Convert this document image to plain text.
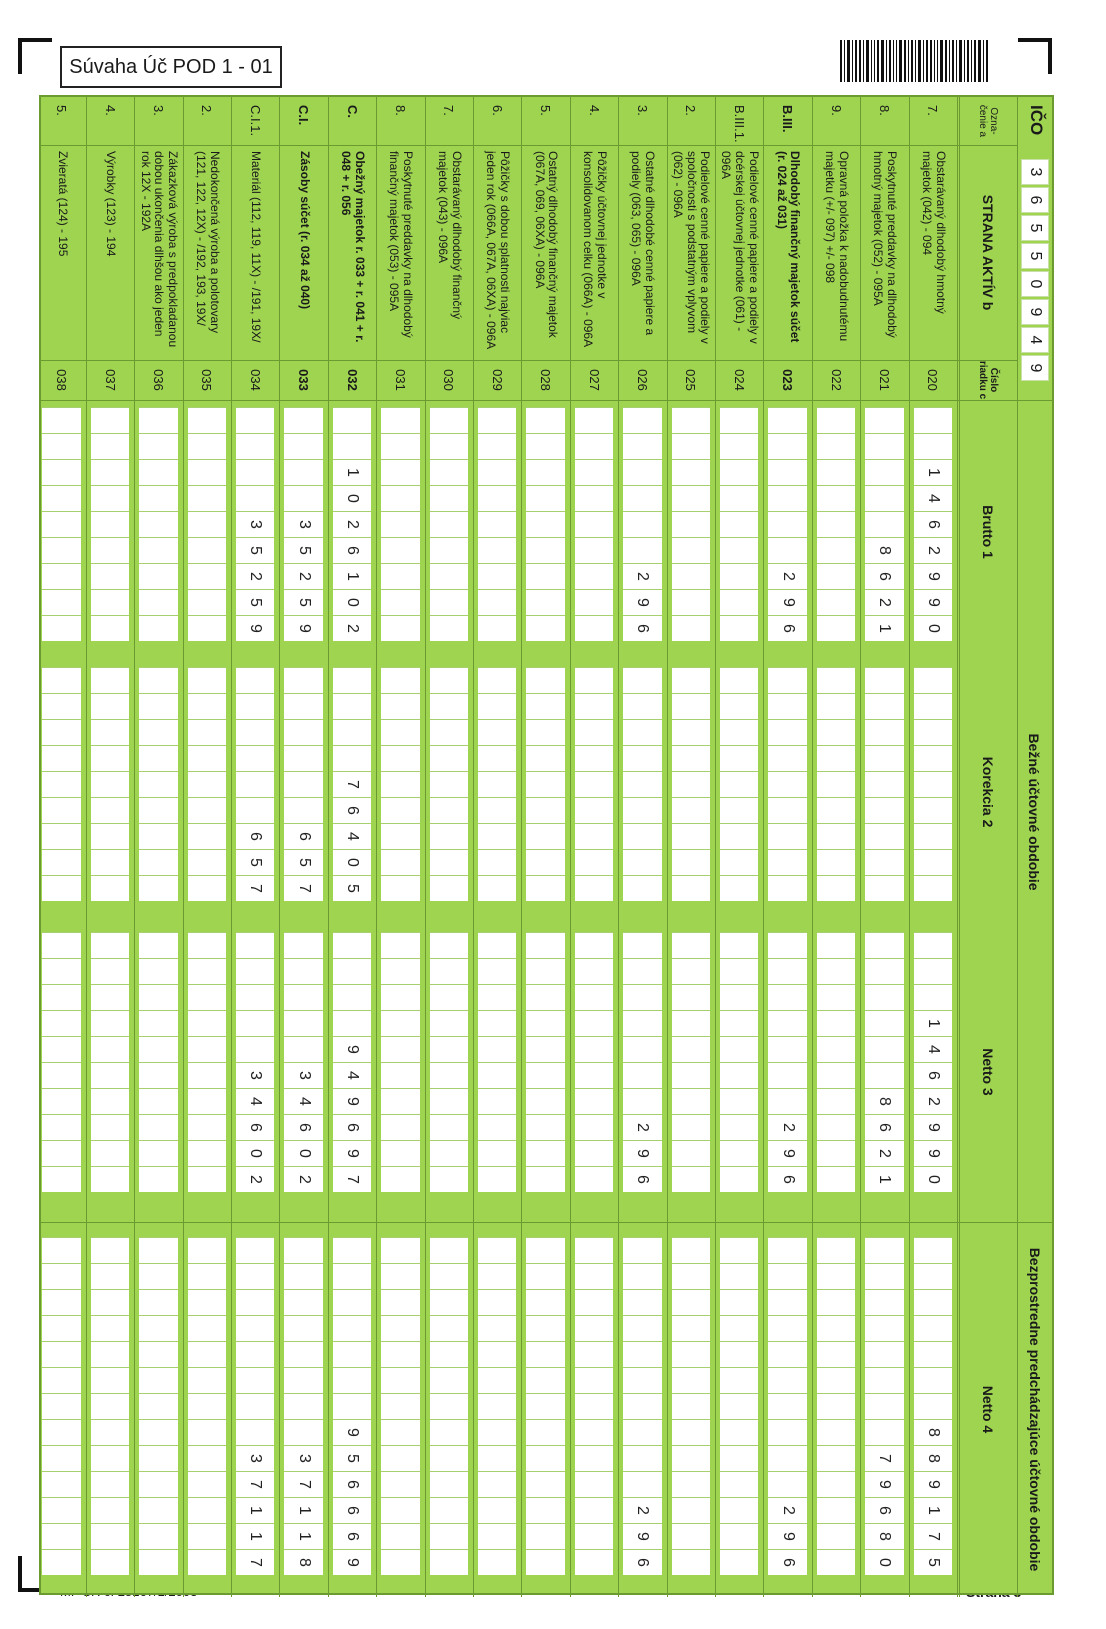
Súvaha Úč POD 1 - 01
IČO
3
6
5
5
0
9
4
9
Ozna-čenie a
STRANA AKTÍV b
Číslo riadku c
Bežné účtovné obdobie
Bezprostredne predchádzajúce účtovné obdobie
Brutto 1
Korekcia 2
Netto 3
Netto 4
7.
Obstarávaný dlhodobý hmotný majetok (042) - 094
020
1
4
6
2
9
9
0
1
4
6
2
9
9
0
8
8
9
1
7
5
8.
Poskytnuté preddavky na dlhodobý hmotný majetok (052) - 095A
021
8
6
2
1
8
6
2
1
7
9
6
8
0
9.
Opravná položka k nadobudnutému majetku (+/- 097) +/- 098
022
B.III.
Dlhodobý finančný majetok súčet (r. 024 až 031)
023
2
9
6
2
9
6
2
9
6
B.III.1.
Podielové cenné papiere a podiely v dcérskej účtovnej jednotke (061) - 096A
024
2.
Podielové cenné papiere a podiely v spoločnosti s podstatným vplyvom (062) - 096A
025
3.
Ostatné dlhodobé cenné papiere a podiely (063, 065) - 096A
026
2
9
6
2
9
6
2
9
6
4.
Pôžičky účtovnej jednotke v konsolidovanom celku (066A) - 096A
027
5.
Ostatný dlhodobý finančný majetok (067A, 069, 06XA) - 096A
028
6.
Pôžičky s dobou splatnosti najviac jeden rok (066A, 067A, 06XA) - 096A
029
7.
Obstarávaný dlhodobý finančný majetok (043) - 096A
030
8.
Poskytnuté preddavky na dlhodobý finančný majetok (053) - 095A
031
C.
Obežný majetok r. 033 + r. 041 + r. 048 + r. 056
032
1
0
2
6
1
0
2
7
6
4
0
5
9
4
9
6
9
7
9
5
6
6
6
9
C.I.
Zásoby súčet (r. 034 až 040)
033
3
5
2
5
9
6
5
7
3
4
6
0
2
3
7
1
1
8
C.I.1.
Materiál (112, 119, 11X) - /191, 19X/
034
3
5
2
5
9
6
5
7
3
4
6
0
2
3
7
1
1
7
2.
Nedokončená výroba a polotovary (121, 122, 12X) - /192, 193, 19X/
035
3.
Zákazková výroba s predpokladanou dobou ukončenia dlhšou ako jeden rok 12X - 192A
036
4.
Výrobky (123) - 194
037
5.
Zvieratá (124) - 195
038
